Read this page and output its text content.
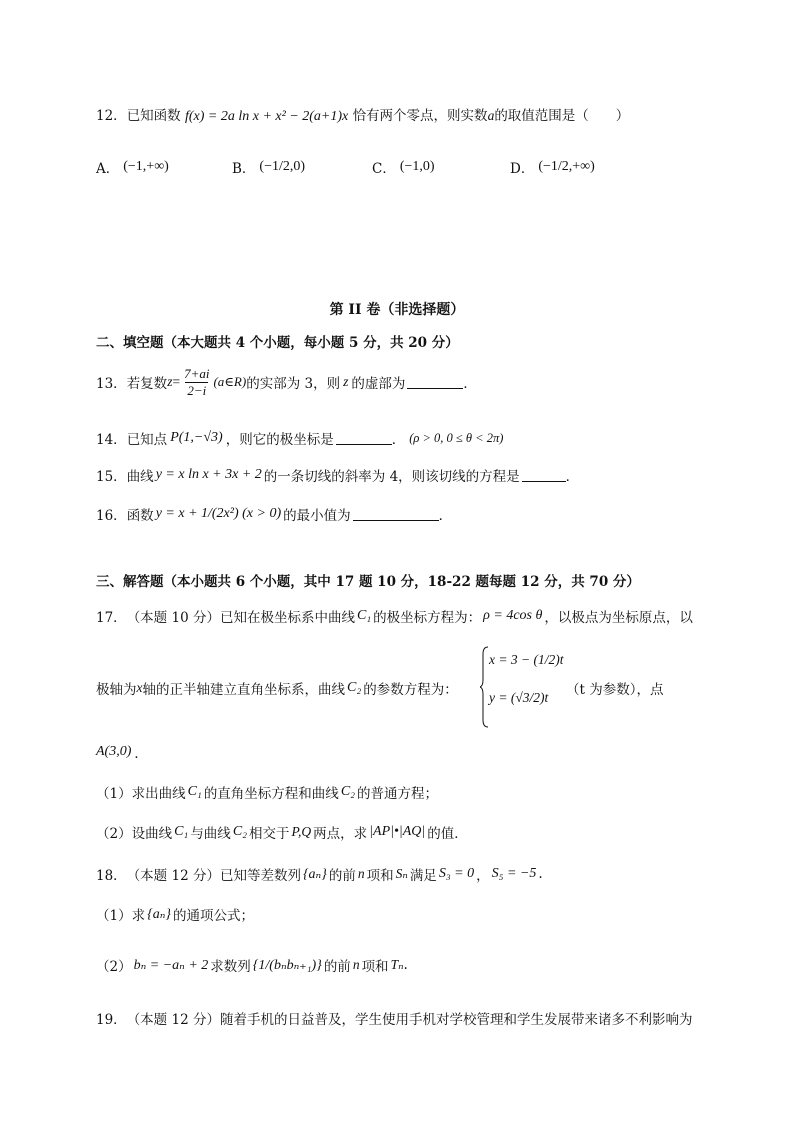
12．已知函数 f(x) = 2a ln x + x² − 2(a+1)x 恰有两个零点，则实数a的取值范围是（　　）
A． (−1,+∞)	B． (−1/2,0)	C． (−1,0)	D． (−1/2,+∞)
第 II 卷（非选择题）
二、填空题（本大题共 4 个小题，每小题 5 分，共 20 分）
13． 若复数 $z = \frac{7+ai}{2-i}$ (a∈R) 的实部为 3，则 z 的虚部为	．
14． 已知点 P(1,−√3) ，则它的极坐标是	． (ρ > 0, 0 ≤ θ < 2π)
15． 曲线 y = x ln x + 3x + 2 的一条切线的斜率为 4，则该切线的方程是	．
16． 函数 y = x + 1/(2x²) (x > 0) 的最小值为	．
三、解答题（本小题共 6 个小题，其中 17 题 10 分，18-22 题每题 12 分，共 70 分）
17． （本题 10 分） 已知在极坐标系中曲线 C₁ 的极坐标方程为： ρ = 4cos θ ，以极点为坐标原点，以
极轴为 x 轴的正半轴建立直角坐标系，曲线 C₂ 的参数方程为：
x = 3 − (1/2)t
y = (√3/2)t （t 为参数），点
A(3,0) ．
（1） 求出曲线 C₁ 的直角坐标方程和曲线 C₂ 的普通方程；
（2） 设曲线 C₁ 与曲线 C₂ 相交于 P,Q 两点，求 |AP|•|AQ| 的值．
18． （本题 12 分） 已知等差数列 {aₙ} 的前 n 项和 Sₙ 满足 S₃ = 0 ， S₅ = −5 .
（1） 求 {aₙ} 的通项公式；
（2） bₙ = −aₙ + 2 求数列 {1/(bₙbₙ₊₁)} 的前 n 项和 Tₙ .
19． （本题 12 分） 随着手机的日益普及，学生使用手机对学校管理和学生发展带来诸多不利影响为
